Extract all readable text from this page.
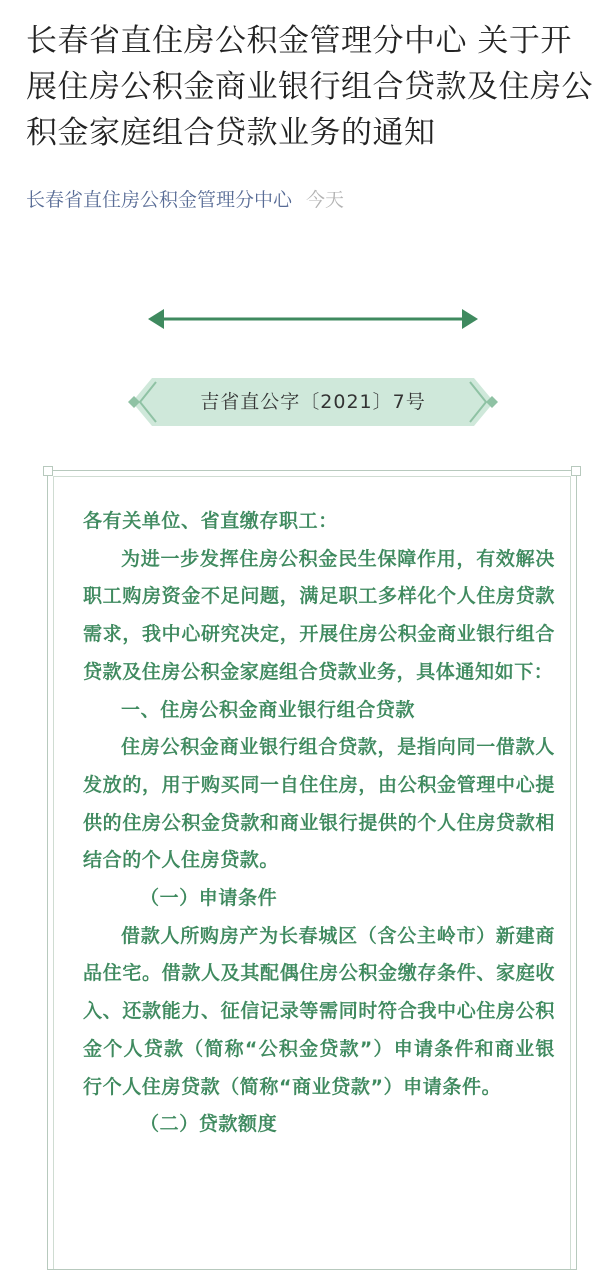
长春省直住房公积金管理分中心 关于开展住房公积金商业银行组合贷款及住房公积金家庭组合贷款业务的通知
长春省直住房公积金管理分中心 今天
吉省直公字〔2021〕7号

各有关单位、省直缴存职工：

为进一步发挥住房公积金民生保障作用，有效解决职工购房资金不足问题，满足职工多样化个人住房贷款需求，我中心研究决定，开展住房公积金商业银行组合贷款及住房公积金家庭组合贷款业务，具体通知如下：

一、住房公积金商业银行组合贷款

住房公积金商业银行组合贷款，是指向同一借款人发放的，用于购买同一自住住房，由公积金管理中心提供的住房公积金贷款和商业银行提供的个人住房贷款相结合的个人住房贷款。

（一）申请条件

借款人所购房产为长春城区（含公主岭市）新建商品住宅。借款人及其配偶住房公积金缴存条件、家庭收入、还款能力、征信记录等需同时符合我中心住房公积金个人贷款（简称“公积金贷款”）申请条件和商业银行个人住房贷款（简称“商业贷款”）申请条件。

（二）贷款额度
